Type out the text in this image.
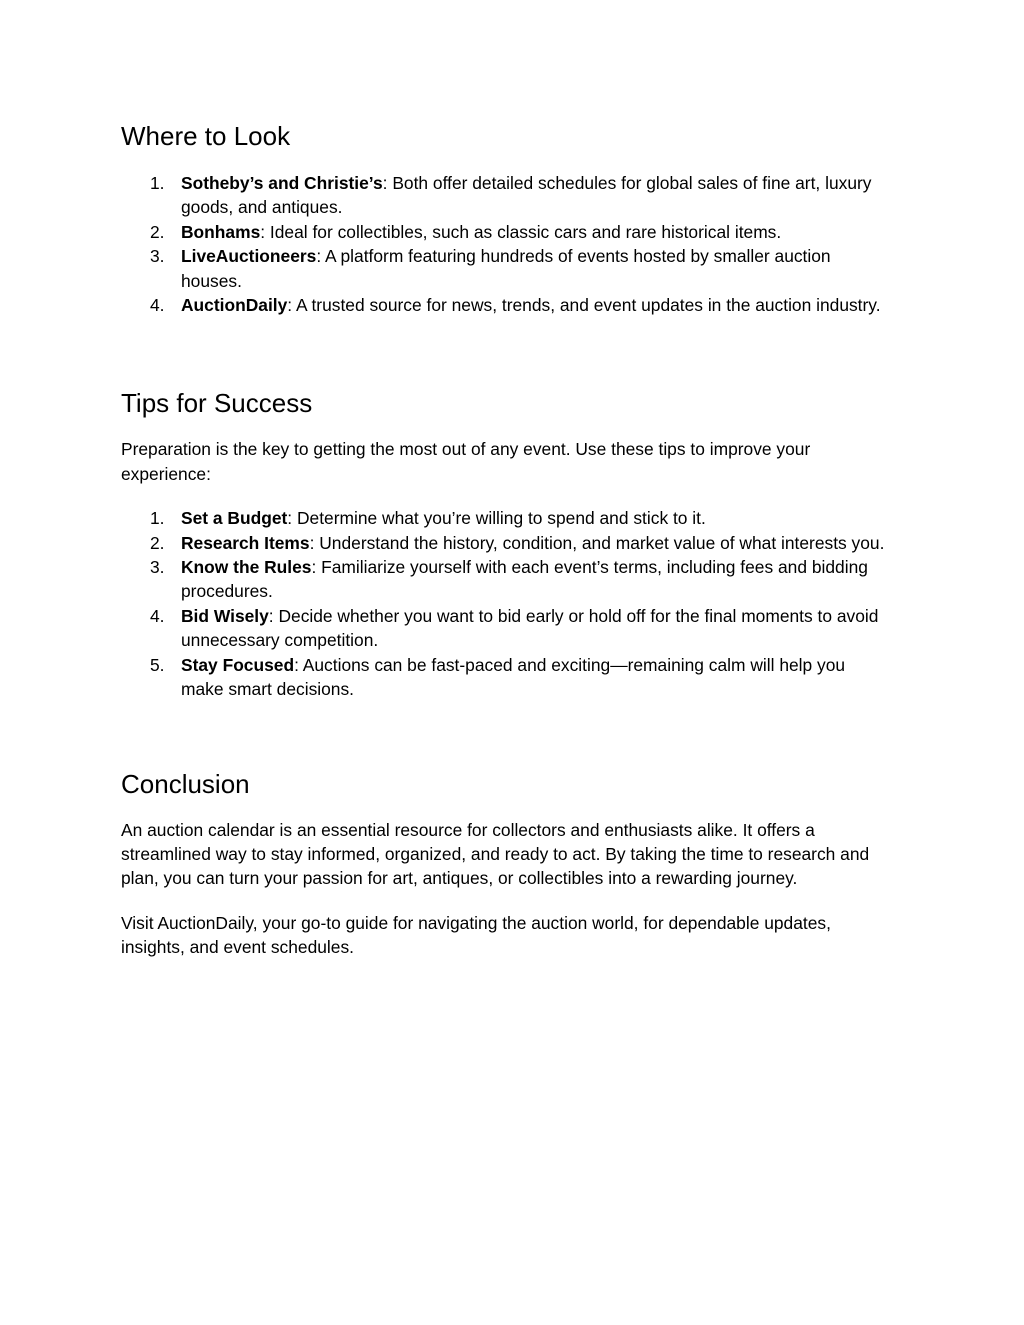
Where to Look
1. Sotheby’s and Christie’s: Both offer detailed schedules for global sales of fine art, luxury goods, and antiques.
2. Bonhams: Ideal for collectibles, such as classic cars and rare historical items.
3. LiveAuctioneers: A platform featuring hundreds of events hosted by smaller auction houses.
4. AuctionDaily: A trusted source for news, trends, and event updates in the auction industry.
Tips for Success

Preparation is the key to getting the most out of any event. Use these tips to improve your experience:

1. Set a Budget: Determine what you’re willing to spend and stick to it.
2. Research Items: Understand the history, condition, and market value of what interests you.
3. Know the Rules: Familiarize yourself with each event’s terms, including fees and bidding procedures.
4. Bid Wisely: Decide whether you want to bid early or hold off for the final moments to avoid unnecessary competition.
5. Stay Focused: Auctions can be fast-paced and exciting—remaining calm will help you make smart decisions.
Conclusion

An auction calendar is an essential resource for collectors and enthusiasts alike. It offers a streamlined way to stay informed, organized, and ready to act. By taking the time to research and plan, you can turn your passion for art, antiques, or collectibles into a rewarding journey.

Visit AuctionDaily, your go-to guide for navigating the auction world, for dependable updates, insights, and event schedules.
